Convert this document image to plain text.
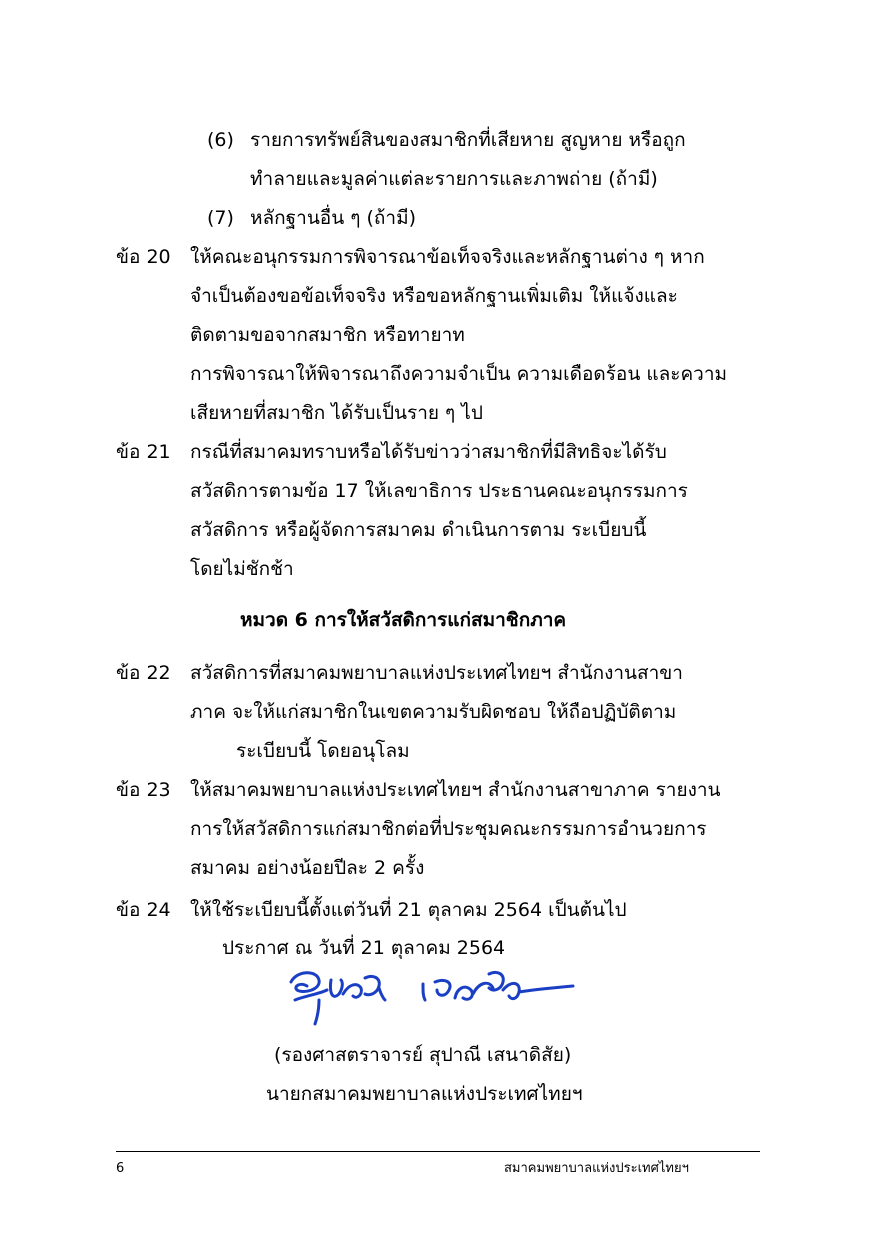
(6) รายการทรัพย์สินของสมาชิกที่เสียหาย สูญหาย หรือถูก
ทำลายและมูลค่าแต่ละรายการและภาพถ่าย (ถ้ามี)
(7) หลักฐานอื่น ๆ (ถ้ามี)
ข้อ 20 ให้คณะอนุกรรมการพิจารณาข้อเท็จจริงและหลักฐานต่าง ๆ หาก
จำเป็นต้องขอข้อเท็จจริง หรือขอหลักฐานเพิ่มเติม ให้แจ้งและ
ติดตามขอจากสมาชิก หรือทายาท
การพิจารณาให้พิจารณาถึงความจำเป็น ความเดือดร้อน และความ
เสียหายที่สมาชิก ได้รับเป็นราย ๆ ไป
ข้อ 21 กรณีที่สมาคมทราบหรือได้รับข่าวว่าสมาชิกที่มีสิทธิจะได้รับ
สวัสดิการตามข้อ 17 ให้เลขาธิการ ประธานคณะอนุกรรมการ
สวัสดิการ หรือผู้จัดการสมาคม ดำเนินการตาม ระเบียบนี้
โดยไม่ชักช้า
หมวด 6 การให้สวัสดิการแก่สมาชิกภาค
ข้อ 22 สวัสดิการที่สมาคมพยาบาลแห่งประเทศไทยฯ สำนักงานสาขา
ภาค จะให้แก่สมาชิกในเขตความรับผิดชอบ ให้ถือปฏิบัติตาม
ระเบียบนี้ โดยอนุโลม
ข้อ 23 ให้สมาคมพยาบาลแห่งประเทศไทยฯ สำนักงานสาขาภาค รายงาน
การให้สวัสดิการแก่สมาชิกต่อที่ประชุมคณะกรรมการอำนวยการ
สมาคม อย่างน้อยปีละ 2 ครั้ง
ข้อ 24 ให้ใช้ระเบียบนี้ตั้งแต่วันที่ 21 ตุลาคม 2564 เป็นต้นไป
ประกาศ ณ วันที่ 21 ตุลาคม 2564
(รองศาสตราจารย์ สุปาณี เสนาดิสัย)
นายกสมาคมพยาบาลแห่งประเทศไทยฯ
6	สมาคมพยาบาลแห่งประเทศไทยฯ
